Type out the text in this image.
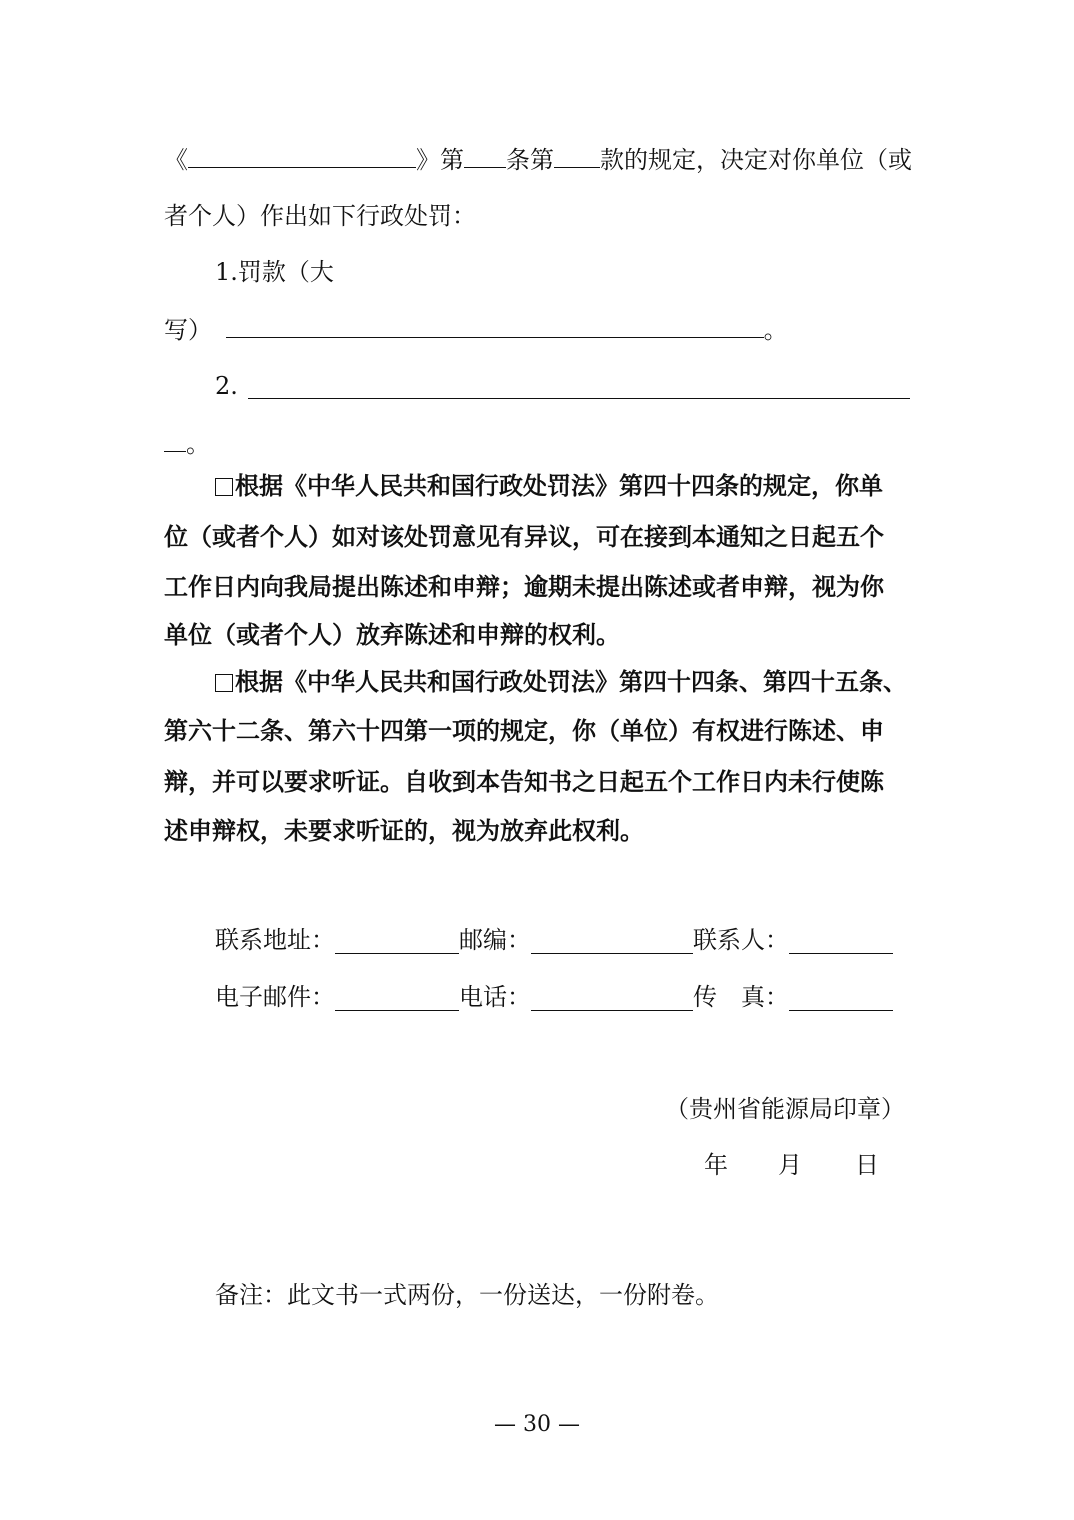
《	》第 条第 款的规定，决定对你单位（或
者个人）作出如下行政处罚：
1.罚款（大
写）	。
2.
。
根据《中华人民共和国行政处罚法》第四十四条的规定，你单
位（或者个人）如对该处罚意见有异议，可在接到本通知之日起五个
工作日内向我局提出陈述和申辩；逾期未提出陈述或者申辩，视为你
单位（或者个人）放弃陈述和申辩的权利。
根据《中华人民共和国行政处罚法》第四十四条、第四十五条、
第六十二条、第六十四第一项的规定，你（单位）有权进行陈述、申
辩，并可以要求听证。自收到本告知书之日起五个工作日内未行使陈
述申辩权，未要求听证的，视为放弃此权利。
联系地址：	邮编：	联系人：
电子邮件：	电话：	传　真：
（贵州省能源局印章）
年 月 日
备注：此文书一式两份，一份送达，一份附卷。
— 30 —
